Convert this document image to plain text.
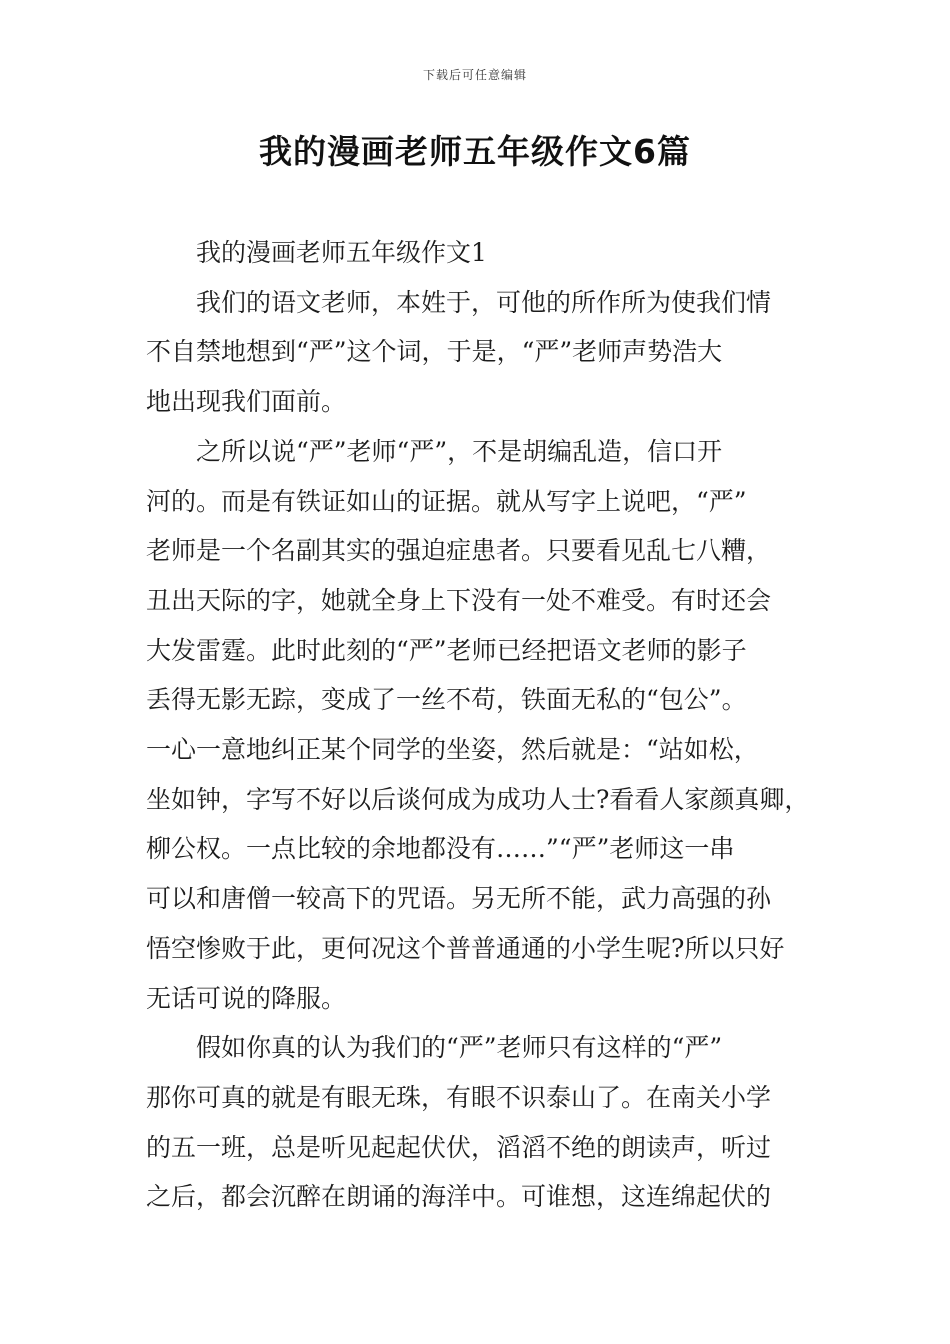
下载后可任意编辑
我的漫画老师五年级作文6篇
我的漫画老师五年级作文1

我们的语文老师，本姓于，可他的所作所为使我们情
不自禁地想到“严”这个词，于是，“严”老师声势浩大
地出现我们面前。

之所以说“严”老师“严”，不是胡编乱造，信口开
河的。而是有铁证如山的证据。就从写字上说吧，“严”
老师是一个名副其实的强迫症患者。只要看见乱七八糟，
丑出天际的字，她就全身上下没有一处不难受。有时还会
大发雷霆。此时此刻的“严”老师已经把语文老师的影子
丢得无影无踪，变成了一丝不苟，铁面无私的“包公”。
一心一意地纠正某个同学的坐姿，然后就是：“站如松，
坐如钟，字写不好以后谈何成为成功人士?看看人家颜真卿，
柳公权。一点比较的余地都没有……”“严”老师这一串
可以和唐僧一较高下的咒语。另无所不能，武力高强的孙
悟空惨败于此，更何况这个普普通通的小学生呢?所以只好
无话可说的降服。

假如你真的认为我们的“严”老师只有这样的“严”
那你可真的就是有眼无珠，有眼不识泰山了。在南关小学
的五一班，总是听见起起伏伏，滔滔不绝的朗读声，听过
之后，都会沉醉在朗诵的海洋中。可谁想，这连绵起伏的
